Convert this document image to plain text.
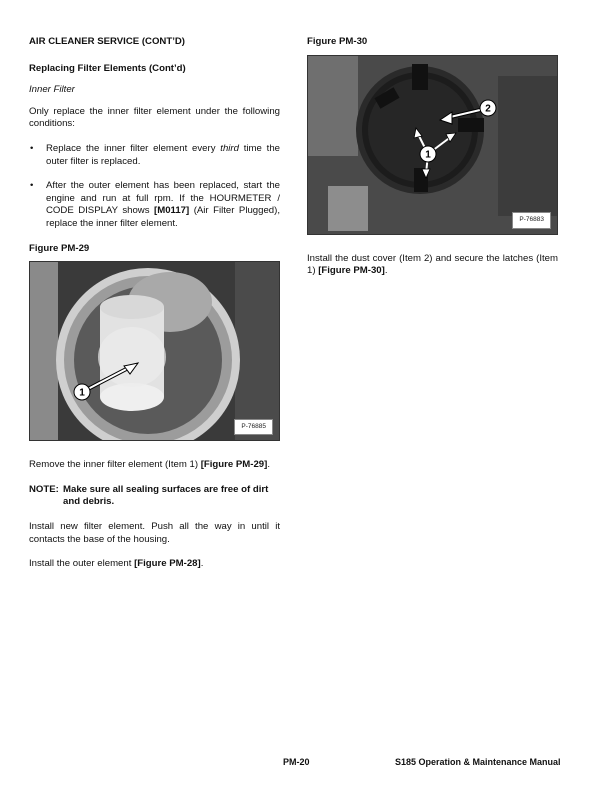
AIR CLEANER SERVICE (CONT’D)
Replacing Filter Elements (Cont’d)
Inner Filter

Only replace the inner filter element under the following conditions:

• Replace the inner filter element every third time the outer filter is replaced.
• After the outer element has been replaced, start the engine and run at full rpm. If the HOURMETER / CODE DISPLAY shows [M0117] (Air Filter Plugged), replace the inner filter element.
Figure PM-29
1
P-76885

Remove the inner filter element (Item 1) [Figure PM-29].

NOTE: Make sure all sealing surfaces are free of dirt and debris.

Install new filter element. Push all the way in until it contacts the base of the housing.

Install the outer element [Figure PM-28].

Figure PM-30
2
1
P-76883

Install the dust cover (Item 2) and secure the latches (Item 1) [Figure PM-30].

PM-20	S185 Operation & Maintenance Manual
